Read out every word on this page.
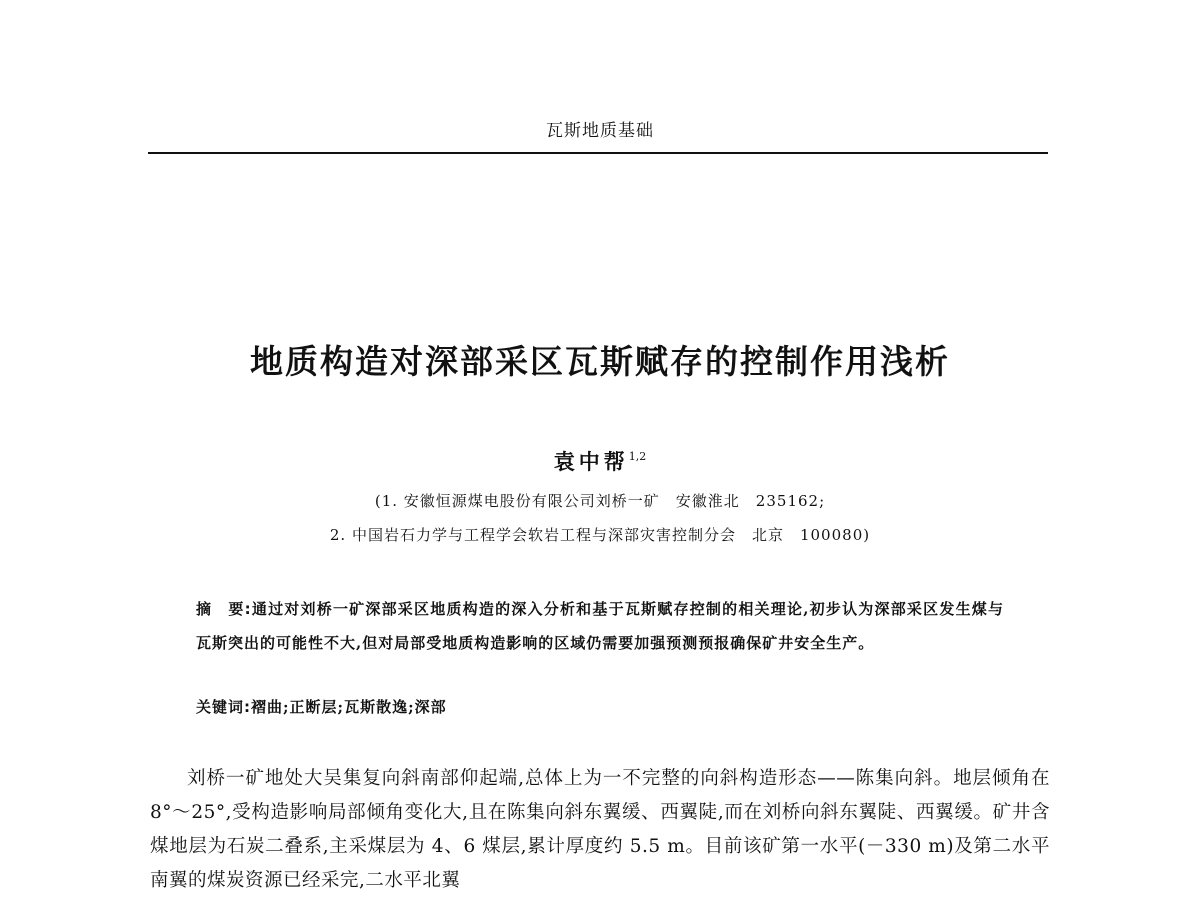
瓦斯地质基础
地质构造对深部采区瓦斯赋存的控制作用浅析
袁中帮$^{1,2}$
(1. 安徽恒源煤电股份有限公司刘桥一矿　安徽淮北　235162;
2. 中国岩石力学与工程学会软岩工程与深部灾害控制分会　北京　100080)

摘　要:通过对刘桥一矿深部采区地质构造的深入分析和基于瓦斯赋存控制的相关理论,初步认为深部采区发生煤与瓦斯突出的可能性不大,但对局部受地质构造影响的区域仍需要加强预测预报确保矿井安全生产。

关键词:褶曲;正断层;瓦斯散逸;深部

刘桥一矿地处大吴集复向斜南部仰起端,总体上为一不完整的向斜构造形态——陈集向斜。地层倾角在 8°～25°,受构造影响局部倾角变化大,且在陈集向斜东翼缓、西翼陡,而在刘桥向斜东翼陡、西翼缓。矿井含煤地层为石炭二叠系,主采煤层为 4、6 煤层,累计厚度约 5.5 m。目前该矿第一水平(－330 m)及第二水平南翼的煤炭资源已经采完,二水平北翼
